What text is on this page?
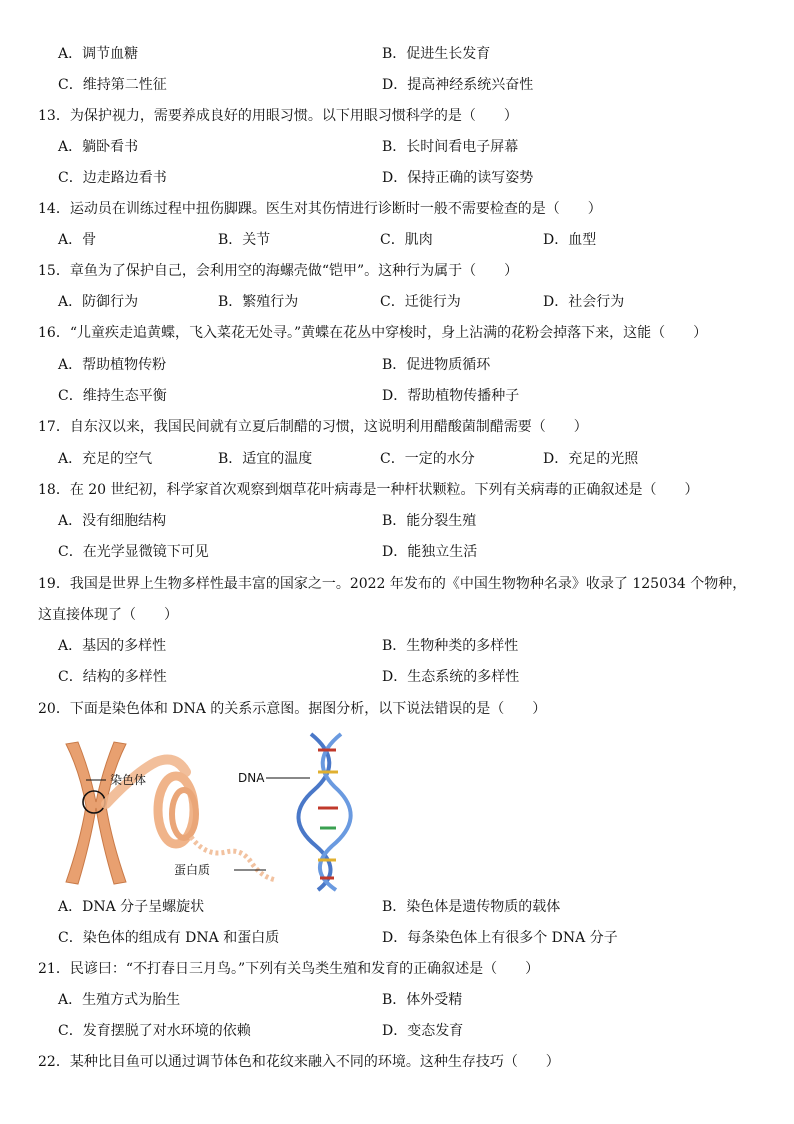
A．调节血糖	B．促进生长发育
C．维持第二性征	D．提高神经系统兴奋性
13．为保护视力，需要养成良好的用眼习惯。以下用眼习惯科学的是（　　）
A．躺卧看书	B．长时间看电子屏幕
C．边走路边看书	D．保持正确的读写姿势
14．运动员在训练过程中扭伤脚踝。医生对其伤情进行诊断时一般不需要检查的是（　　）
A．骨	B．关节	C．肌肉	D．血型
15．章鱼为了保护自己，会利用空的海螺壳做“铠甲”。这种行为属于（　　）
A．防御行为	B．繁殖行为	C．迁徙行为	D．社会行为
16．“儿童疾走追黄蝶，飞入菜花无处寻。”黄蝶在花丛中穿梭时，身上沾满的花粉会掉落下来，这能（　　）
A．帮助植物传粉	B．促进物质循环
C．维持生态平衡	D．帮助植物传播种子
17．自东汉以来，我国民间就有立夏后制醋的习惯，这说明利用醋酸菌制醋需要（　　）
A．充足的空气	B．适宜的温度	C．一定的水分	D．充足的光照
18．在 20 世纪初，科学家首次观察到烟草花叶病毒是一种杆状颗粒。下列有关病毒的正确叙述是（　　）
A．没有细胞结构	B．能分裂生殖
C．在光学显微镜下可见	D．能独立生活
19．我国是世界上生物多样性最丰富的国家之一。2022 年发布的《中国生物物种名录》收录了 125034 个物种，
这直接体现了（　　）
A．基因的多样性	B．生物种类的多样性
C．结构的多样性	D．生态系统的多样性
20．下面是染色体和 DNA 的关系示意图。据图分析，以下说法错误的是（　　）
A．DNA 分子呈螺旋状	B．染色体是遗传物质的载体
C．染色体的组成有 DNA 和蛋白质	D．每条染色体上有很多个 DNA 分子
21．民谚曰：“不打春日三月鸟。”下列有关鸟类生殖和发育的正确叙述是（　　）
A．生殖方式为胎生	B．体外受精
C．发育摆脱了对水环境的依赖	D．变态发育
22．某种比目鱼可以通过调节体色和花纹来融入不同的环境。这种生存技巧（　　）
染色体	DNA
蛋白质
